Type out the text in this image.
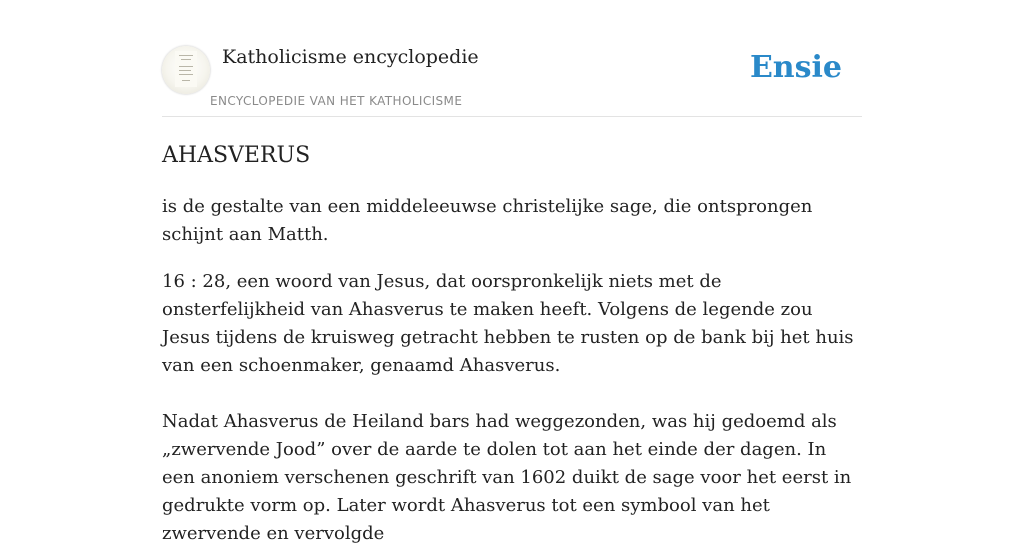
Katholicisme encyclopedie
ENCYCLOPEDIE VAN HET KATHOLICISME
Ensie
AHASVERUS

is de gestalte van een middeleeuwse christelijke sage, die ontsprongen schijnt aan Matth.

16 : 28, een woord van Jesus, dat oorspronkelijk niets met de onsterfelijkheid van Ahasverus te maken heeft. Volgens de legende zou Jesus tijdens de kruisweg getracht hebben te rusten op de bank bij het huis van een schoenmaker, genaamd Ahasverus.

Nadat Ahasverus de Heiland bars had weggezonden, was hij gedoemd als „zwervende Jood” over de aarde te dolen tot aan het einde der dagen. In een anoniem verschenen geschrift van 1602 duikt de sage voor het eerst in gedrukte vorm op. Later wordt Ahasverus tot een symbool van het zwervende en vervolgde
